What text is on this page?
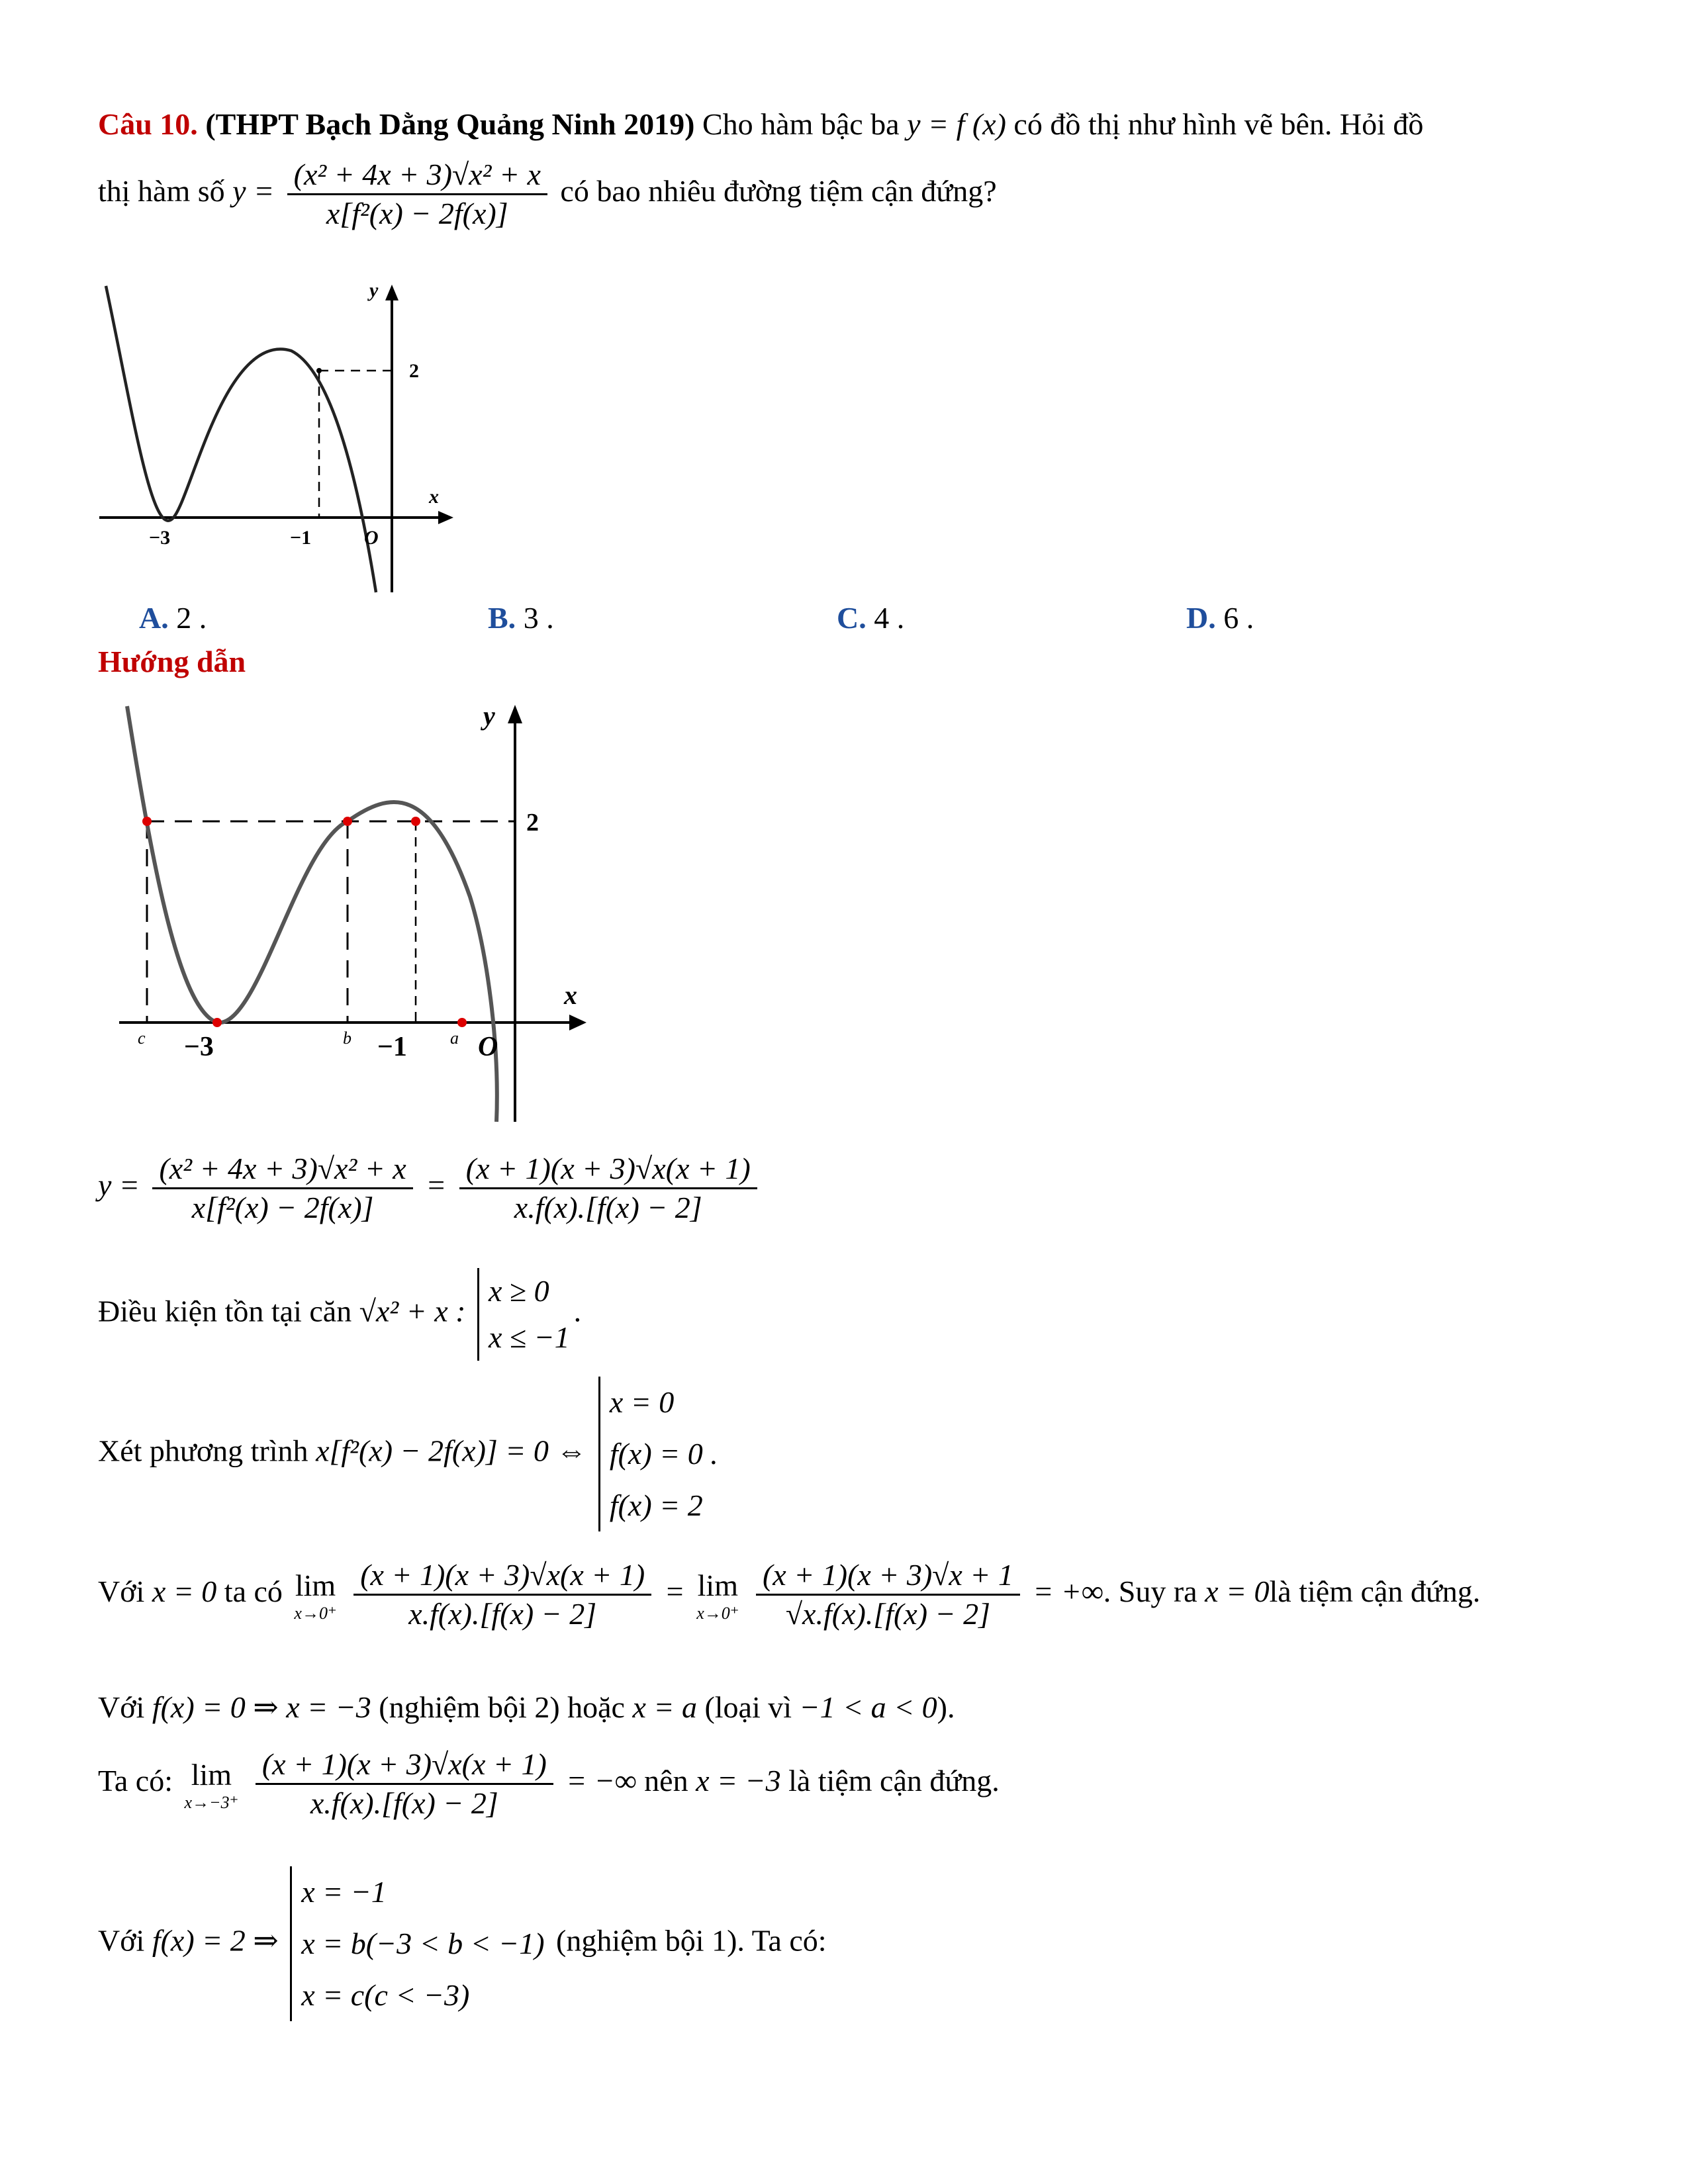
Câu 10. (THPT Bạch Dằng Quảng Ninh 2019) Cho hàm bậc ba y = f (x) có đồ thị như hình vẽ bên. Hỏi đồ
thị hàm số $y = \frac{\text{(x² + 4x + 3)√x² + x}}{\text{x[f²(x) − 2f(x)]}}$ có bao nhiêu đường tiệm cận đứng?
y
2
x
−3	−1	O
A. 2 .	B. 3 .	C. 4 .	D. 6 .
Hướng dẫn
y
2
x
c −3	b −1	a O
$y = \frac{\text{(x² + 4x + 3)√x² + x}}{\text{x[f²(x) − 2f(x)]}} = \frac{(x + 1)(x + 3)√x(x + 1)}{x.f(x).[f(x) - 2]}$
Điều kiện tồn tại căn √x² + x :
x ≥ 0
x ≤ −1
.
Xét phương trình x[f²(x) − 2f(x)] = 0 ⇔
x = 0
f(x) = 0 .
f(x) = 2
Với x = 0 ta có lim
x→0⁺
$\frac{(x + 1)(x + 3)√x(x + 1)}{x.f(x).[f(x) - 2]} = \lim$
x→0⁺
$\frac{(x + 1)(x + 3)√x + 1}{√x.f(x).[f(x) - 2]}$ = +∞. Suy ra x = 0là tiệm cận đứng.
Với f(x) = 0 ⇒ x = −3 (nghiệm bội 2) hoặc x = a (loại vì −1 < a < 0).
Ta có: lim
x→−3⁺
$\frac{(x + 1)(x + 3)√x(x + 1)}{x.f(x).[f(x) - 2]}$ = −∞ nên x = −3 là tiệm cận đứng.
Với f(x) = 2 ⇒
x = −1
x = b(−3 < b < −1)
x = c(c < −3)
(nghiệm bội 1). Ta có:
